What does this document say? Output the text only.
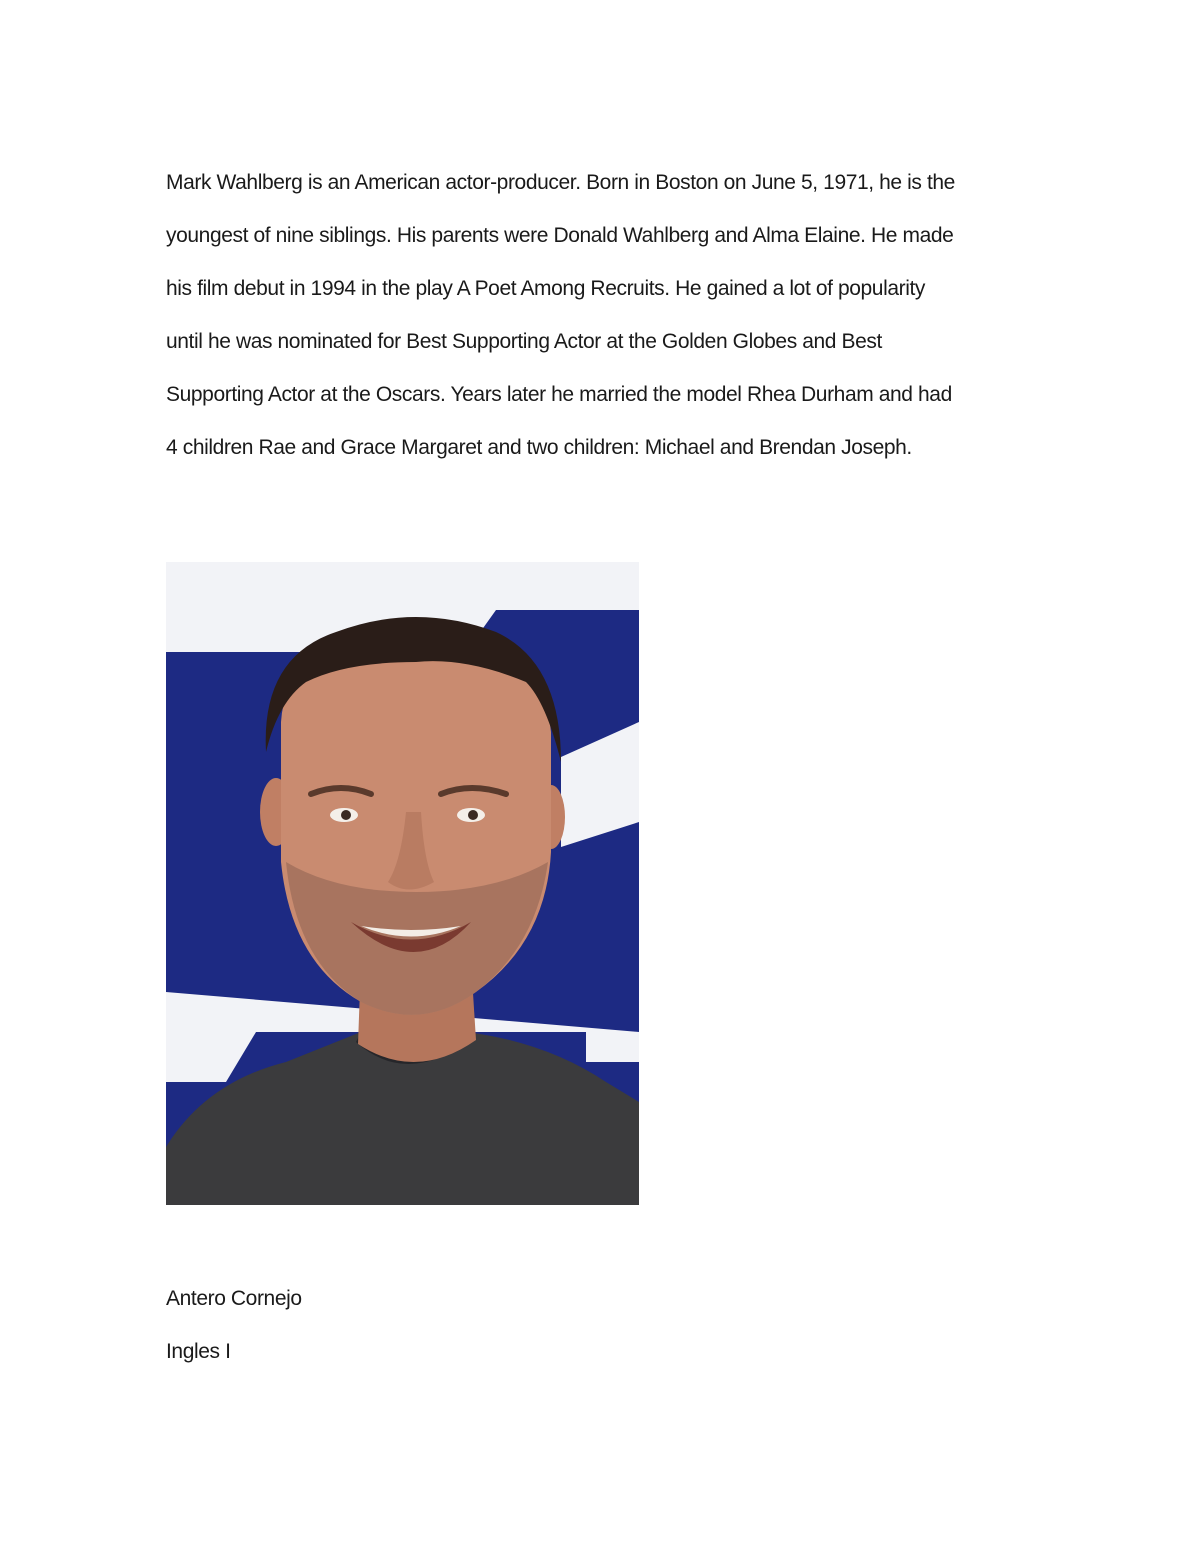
Mark Wahlberg is an American actor-producer. Born in Boston on June 5, 1971, he is the
youngest of nine siblings. His parents were Donald Wahlberg and Alma Elaine. He made
his film debut in 1994 in the play A Poet Among Recruits. He gained a lot of popularity
until he was nominated for Best Supporting Actor at the Golden Globes and Best
Supporting Actor at the Oscars. Years later he married the model Rhea Durham and had
4 children Rae and Grace Margaret and two children: Michael and Brendan Joseph.

Antero Cornejo
Ingles I
